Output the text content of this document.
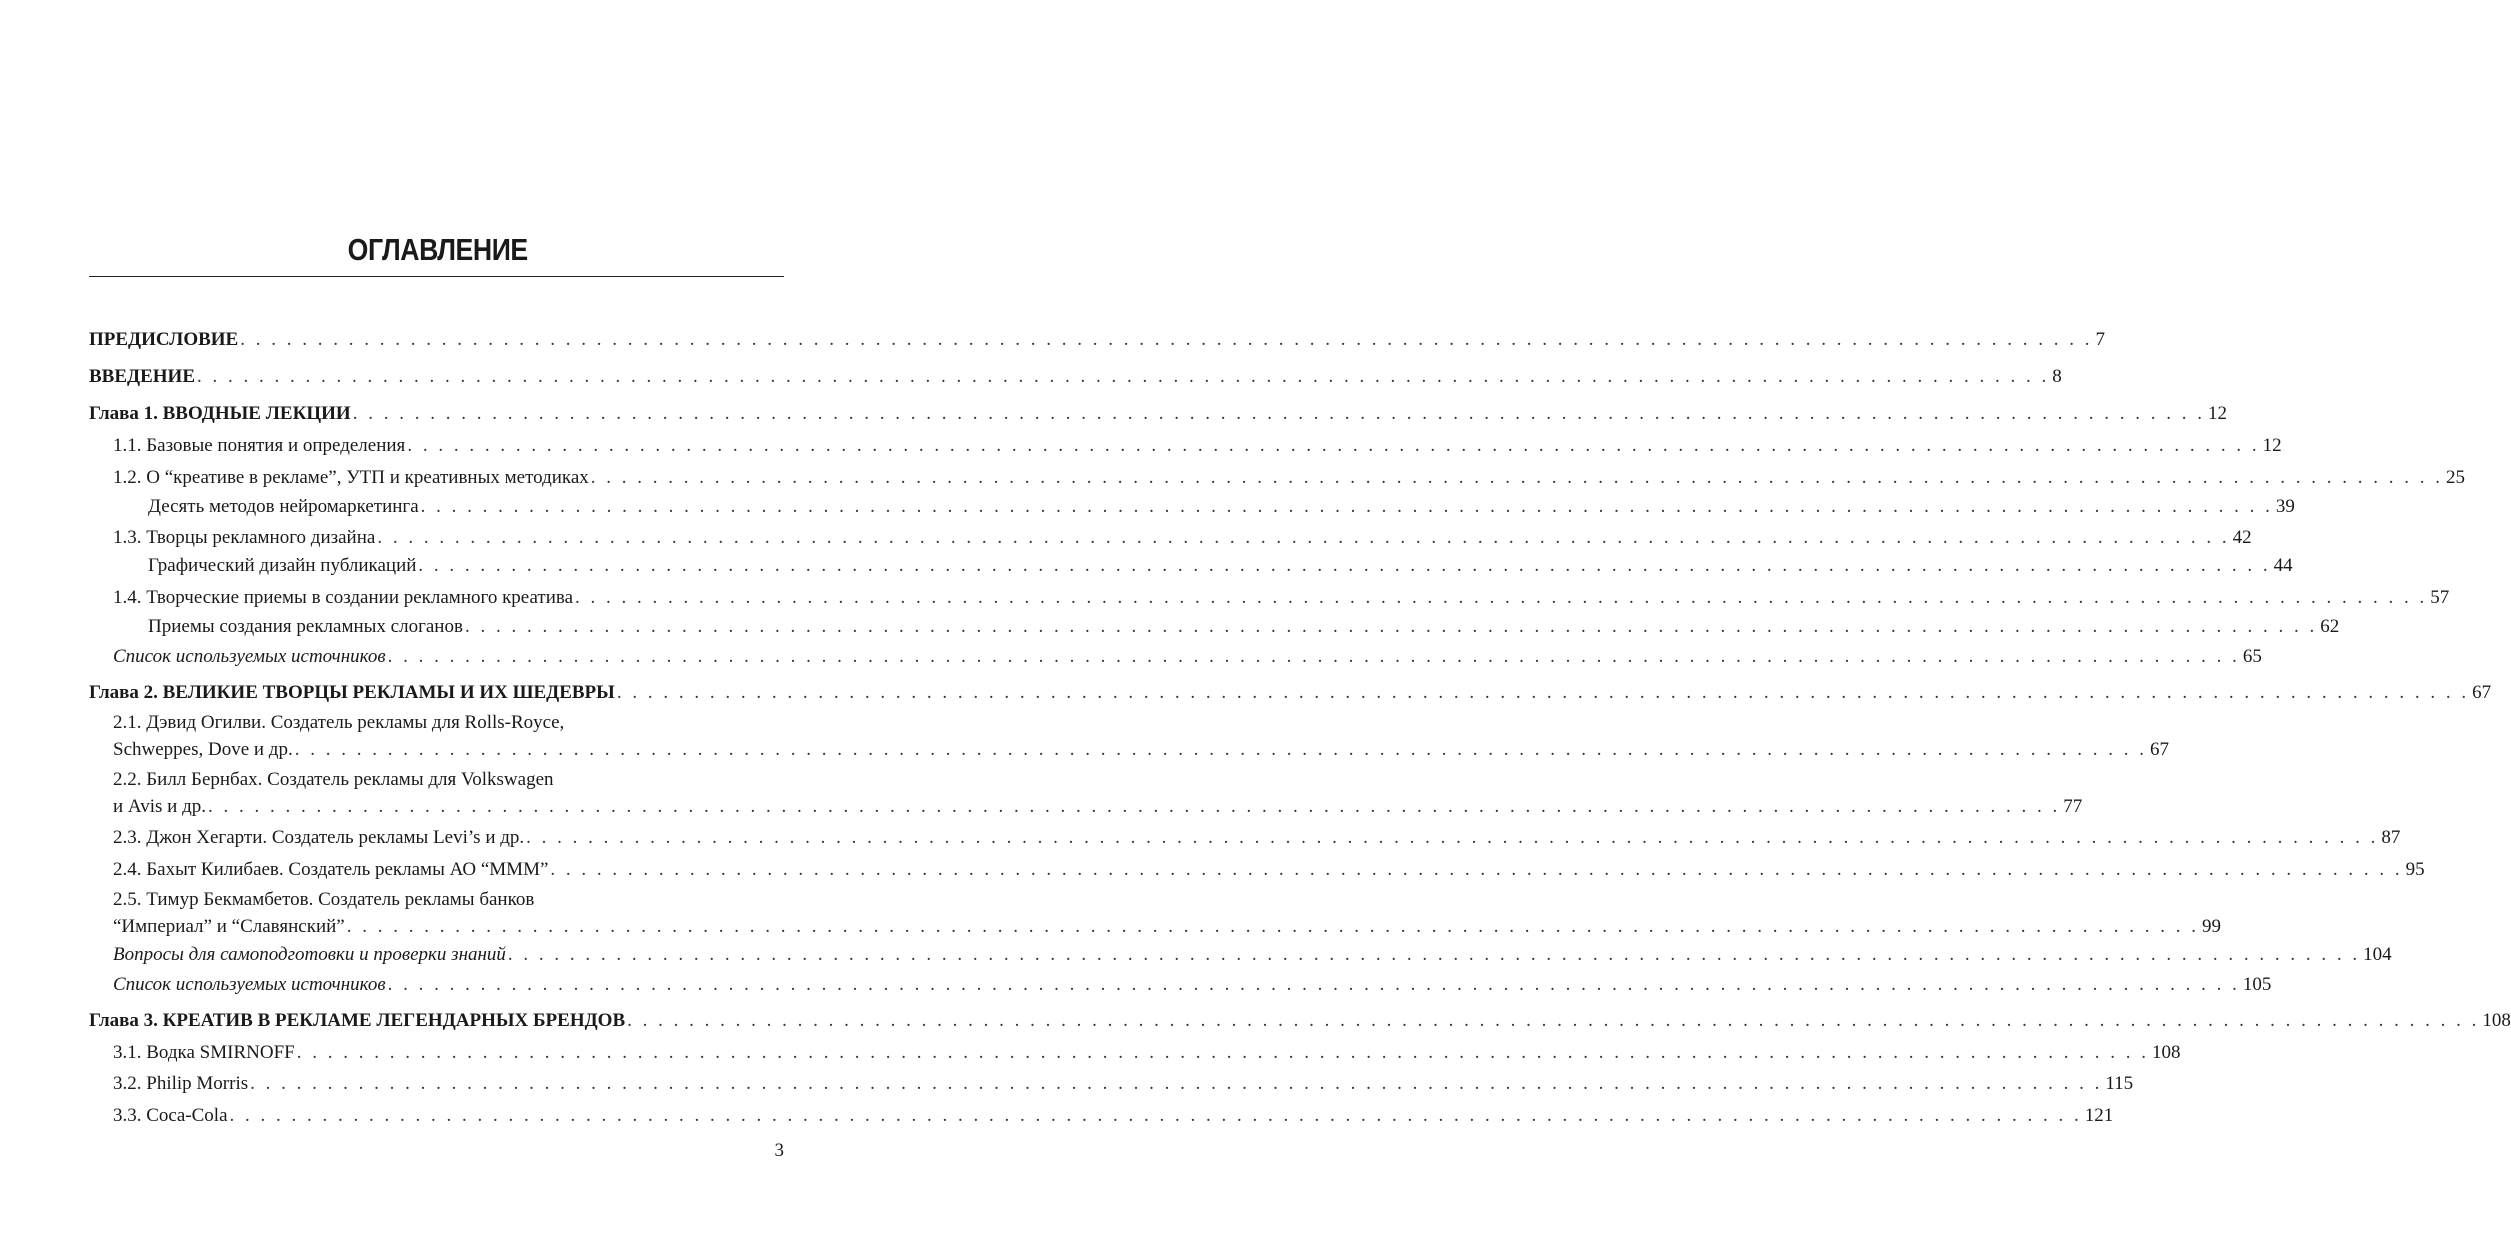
ОГЛАВЛЕНИЕ
ПРЕДИСЛОВИЕ . . . . . . . . . . . . . . . . . . . . . . . . . . . . . . . . . . . . . . . . . . . . . . . . . . . . . . . . . . . . . . . . . . . . . . . . . . . . . . . . . . . . . . . . . . . . . . . . . . . . . . . . . . . . . . . . . . . . . . . . 7
ВВЕДЕНИЕ . . . . . . . . . . . . . . . . . . . . . . . . . . . . . . . . . . . . . . . . . . . . . . . . . . . . . . . . . . . . . . . . . . . . . . . . . . . . . . . . . . . . . . . . . . . . . . . . . . . . . . . . . . . . . . . . . . . . . . . . 8
Глава 1. ВВОДНЫЕ ЛЕКЦИИ . . . . . . . . . . . . . . . . . . . . . . . . . . . . . . . . . . . . . . . . . . . . . . . . . . . . . . . . . . . . . . . . . . . . . . . . . . . . . . . . . . . . . . . . . . . . . . . . . . . . . . . . . . . . . . . . . . . . . . . . 12
1.1. Базовые понятия и определения . . . . . . . . . . . . . . . . . . . . . . . . . . . . . . . . . . . . . . . . . . . . . . . . . . . . . . . . . . . . . . . . . . . . . . . . . . . . . . . . . . . . . . . . . . . . . . . . . . . . . . . . . . . . . . . . . . . . . . . . 12
1.2. О “креативе в рекламе”, УТП и креативных методиках . . . . . . . . . . . . . . . . . . . . . . . . . . . . . . . . . . . . . . . . . . . . . . . . . . . . . . . . . . . . . . . . . . . . . . . . . . . . . . . . . . . . . . . . . . . . . . . . . . . . . . . . . . . . . . . . . . . . . . . . 25
Десять методов нейромаркетинга . . . . . . . . . . . . . . . . . . . . . . . . . . . . . . . . . . . . . . . . . . . . . . . . . . . . . . . . . . . . . . . . . . . . . . . . . . . . . . . . . . . . . . . . . . . . . . . . . . . . . . . . . . . . . . . . . . . . . . . . 39
1.3. Творцы рекламного дизайна . . . . . . . . . . . . . . . . . . . . . . . . . . . . . . . . . . . . . . . . . . . . . . . . . . . . . . . . . . . . . . . . . . . . . . . . . . . . . . . . . . . . . . . . . . . . . . . . . . . . . . . . . . . . . . . . . . . . . . . . 42
Графический дизайн публикаций . . . . . . . . . . . . . . . . . . . . . . . . . . . . . . . . . . . . . . . . . . . . . . . . . . . . . . . . . . . . . . . . . . . . . . . . . . . . . . . . . . . . . . . . . . . . . . . . . . . . . . . . . . . . . . . . . . . . . . . . 44
1.4. Творческие приемы в создании рекламного креатива . . . . . . . . . . . . . . . . . . . . . . . . . . . . . . . . . . . . . . . . . . . . . . . . . . . . . . . . . . . . . . . . . . . . . . . . . . . . . . . . . . . . . . . . . . . . . . . . . . . . . . . . . . . . . . . . . . . . . . . . 57
Приемы создания рекламных слоганов . . . . . . . . . . . . . . . . . . . . . . . . . . . . . . . . . . . . . . . . . . . . . . . . . . . . . . . . . . . . . . . . . . . . . . . . . . . . . . . . . . . . . . . . . . . . . . . . . . . . . . . . . . . . . . . . . . . . . . . . 62
Список используемых источников . . . . . . . . . . . . . . . . . . . . . . . . . . . . . . . . . . . . . . . . . . . . . . . . . . . . . . . . . . . . . . . . . . . . . . . . . . . . . . . . . . . . . . . . . . . . . . . . . . . . . . . . . . . . . . . . . . . . . . . . 65
Глава 2. ВЕЛИКИЕ ТВОРЦЫ РЕКЛАМЫ И ИХ ШЕДЕВРЫ . . . . . . . . . . . . . . . . . . . . . . . . . . . . . . . . . . . . . . . . . . . . . . . . . . . . . . . . . . . . . . . . . . . . . . . . . . . . . . . . . . . . . . . . . . . . . . . . . . . . . . . . . . . . . . . . . . . . . . . . 67
2.1. Дэвид Огилви. Создатель рекламы для Rolls-Royce,
Schweppes, Dove и др. . . . . . . . . . . . . . . . . . . . . . . . . . . . . . . . . . . . . . . . . . . . . . . . . . . . . . . . . . . . . . . . . . . . . . . . . . . . . . . . . . . . . . . . . . . . . . . . . . . . . . . . . . . . . . . . . . . . . . . . . 67
2.2. Билл Бернбах. Создатель рекламы для Volkswagen
и Avis и др. . . . . . . . . . . . . . . . . . . . . . . . . . . . . . . . . . . . . . . . . . . . . . . . . . . . . . . . . . . . . . . . . . . . . . . . . . . . . . . . . . . . . . . . . . . . . . . . . . . . . . . . . . . . . . . . . . . . . . . . . 77
2.3. Джон Хегарти. Создатель рекламы Levi’s и др. . . . . . . . . . . . . . . . . . . . . . . . . . . . . . . . . . . . . . . . . . . . . . . . . . . . . . . . . . . . . . . . . . . . . . . . . . . . . . . . . . . . . . . . . . . . . . . . . . . . . . . . . . . . . . . . . . . . . . . . . 87
2.4. Бахыт Килибаев. Создатель рекламы АО “МММ” . . . . . . . . . . . . . . . . . . . . . . . . . . . . . . . . . . . . . . . . . . . . . . . . . . . . . . . . . . . . . . . . . . . . . . . . . . . . . . . . . . . . . . . . . . . . . . . . . . . . . . . . . . . . . . . . . . . . . . . . 95
2.5. Тимур Бекмамбетов. Создатель рекламы банков
“Империал” и “Славянский” . . . . . . . . . . . . . . . . . . . . . . . . . . . . . . . . . . . . . . . . . . . . . . . . . . . . . . . . . . . . . . . . . . . . . . . . . . . . . . . . . . . . . . . . . . . . . . . . . . . . . . . . . . . . . . . . . . . . . . . . 99
Вопросы для самоподготовки и проверки знаний . . . . . . . . . . . . . . . . . . . . . . . . . . . . . . . . . . . . . . . . . . . . . . . . . . . . . . . . . . . . . . . . . . . . . . . . . . . . . . . . . . . . . . . . . . . . . . . . . . . . . . . . . . . . . . . . . . . . . . . . 104
Список используемых источников . . . . . . . . . . . . . . . . . . . . . . . . . . . . . . . . . . . . . . . . . . . . . . . . . . . . . . . . . . . . . . . . . . . . . . . . . . . . . . . . . . . . . . . . . . . . . . . . . . . . . . . . . . . . . . . . . . . . . . . . 105
Глава 3. КРЕАТИВ В РЕКЛАМЕ ЛЕГЕНДАРНЫХ БРЕНДОВ . . . . . . . . . . . . . . . . . . . . . . . . . . . . . . . . . . . . . . . . . . . . . . . . . . . . . . . . . . . . . . . . . . . . . . . . . . . . . . . . . . . . . . . . . . . . . . . . . . . . . . . . . . . . . . . . . . . . . . . . 108
3.1. Водка SMIRNOFF . . . . . . . . . . . . . . . . . . . . . . . . . . . . . . . . . . . . . . . . . . . . . . . . . . . . . . . . . . . . . . . . . . . . . . . . . . . . . . . . . . . . . . . . . . . . . . . . . . . . . . . . . . . . . . . . . . . . . . . . 108
3.2. Philip Morris . . . . . . . . . . . . . . . . . . . . . . . . . . . . . . . . . . . . . . . . . . . . . . . . . . . . . . . . . . . . . . . . . . . . . . . . . . . . . . . . . . . . . . . . . . . . . . . . . . . . . . . . . . . . . . . . . . . . . . . . 115
3.3. Coca-Cola . . . . . . . . . . . . . . . . . . . . . . . . . . . . . . . . . . . . . . . . . . . . . . . . . . . . . . . . . . . . . . . . . . . . . . . . . . . . . . . . . . . . . . . . . . . . . . . . . . . . . . . . . . . . . . . . . . . . . . . . 121
3
